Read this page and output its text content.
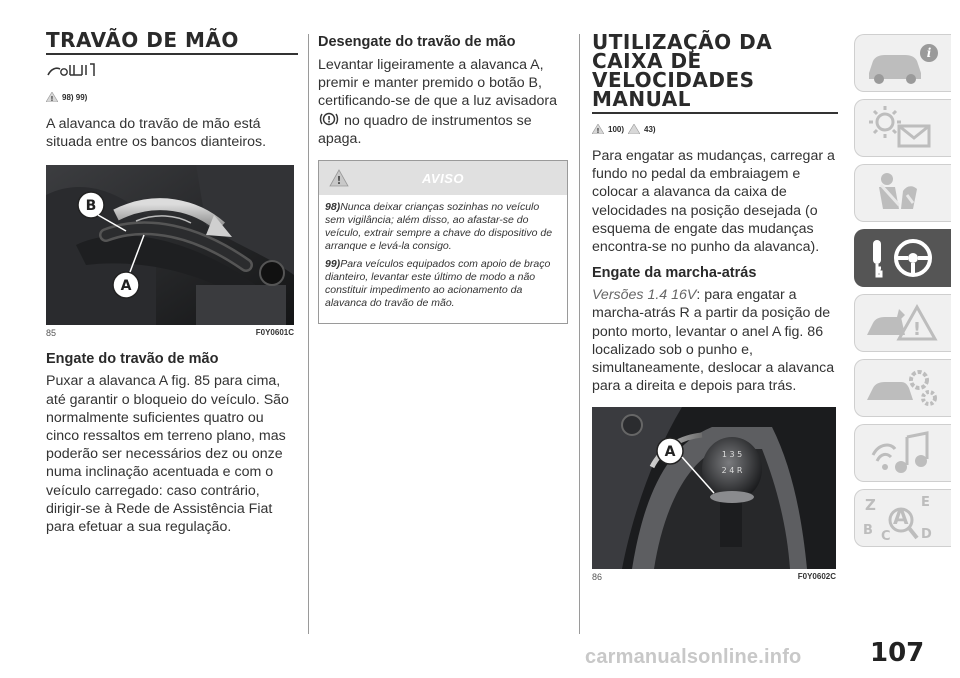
TRAVÃO DE MÃO
! 98) 99)

A alavanca do travão de mão está situada entre os bancos dianteiros.

B
A
85	F0Y0601C
Engate do travão de mão

Puxar a alavanca A fig. 85 para cima, até garantir o bloqueio do veículo. São normalmente suficientes quatro ou cinco ressaltos em terreno plano, mas poderão ser necessários dez ou onze numa inclinação acentuada e com o veículo carregado: caso contrário, dirigir-se à Rede de Assistência Fiat para efetuar a sua regulação.

Desengate do travão de mão

Levantar ligeiramente a alavanca A, premir e manter premido o botão B, certificando-se de que a luz avisadora
! no quadro de instrumentos se apaga.

!	AVISO

98)Nunca deixar crianças sozinhas no veículo sem vigilância; além disso, ao afastar-se do veículo, extrair sempre a chave do dispositivo de arranque e levá-la consigo.

99)Para veículos equipados com apoio de braço dianteiro, levantar este último de modo a não constituir impedimento ao acionamento da alavanca do travão de mão.

UTILIZAÇÃO DA CAIXA DE VELOCIDADES MANUAL
! 100)	43)

Para engatar as mudanças, carregar a fundo no pedal da embraiagem e colocar a alavanca da caixa de velocidades na posição desejada (o esquema de engate das mudanças encontra-se no punho da alavanca).

Engate da marcha-atrás

Versões 1.4 16V: para engatar a marcha-atrás R a partir da posição de ponto morto, levantar o anel A fig. 86 localizado sob o punho e, simultaneamente, deslocar a alavanca para a direita e depois para trás.

1 3 5
2 4 R
A
86	F0Y0602C
i
!
Z	E
A
B C D
carmanualsonline.info	107
